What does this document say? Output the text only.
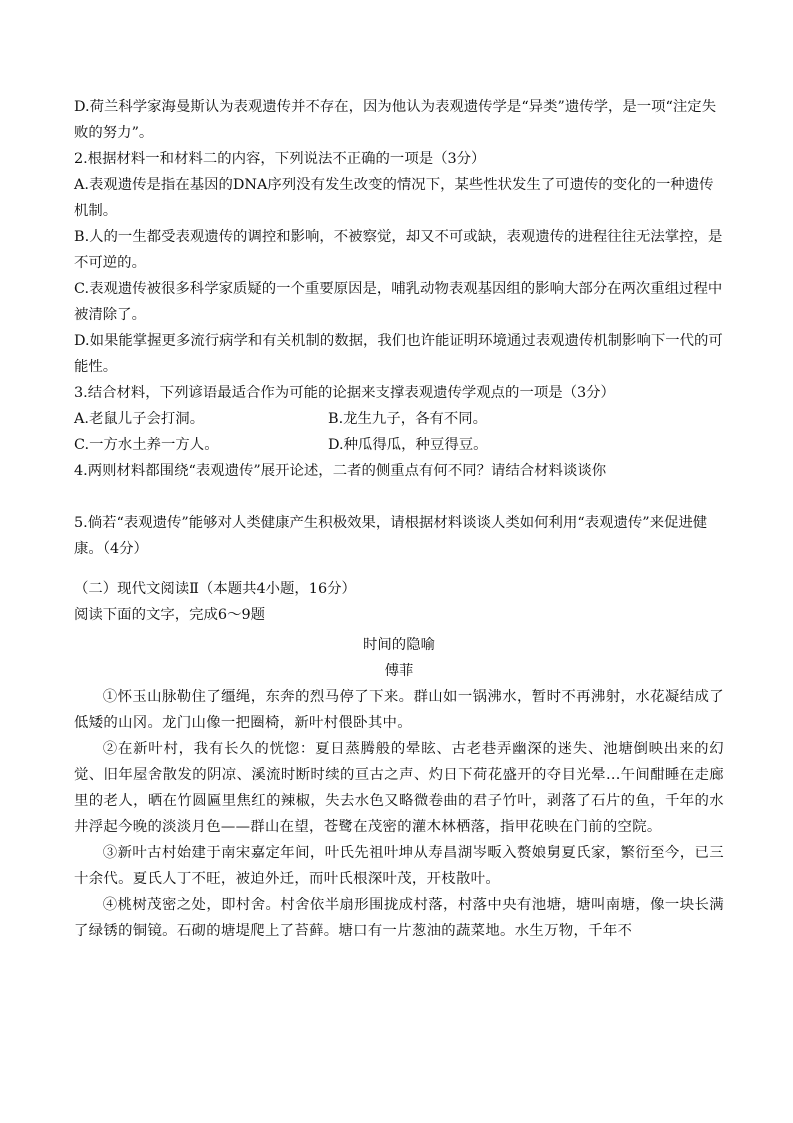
D.荷兰科学家海曼斯认为表观遗传并不存在，因为他认为表观遗传学是“异类”遗传学，是一项“注定失败的努力”。

2.根据材料一和材料二的内容，下列说法不正确的一项是（3分）

A.表观遗传是指在基因的DNA序列没有发生改变的情况下，某些性状发生了可遗传的变化的一种遗传机制。

B.人的一生都受表观遗传的调控和影响，不被察觉，却又不可或缺，表观遗传的进程往往无法掌控，是不可逆的。

C.表观遗传被很多科学家质疑的一个重要原因是，哺乳动物表观基因组的影响大部分在两次重组过程中被清除了。

D.如果能掌握更多流行病学和有关机制的数据，我们也许能证明环境通过表观遗传机制影响下一代的可能性。

3.结合材料，下列谚语最适合作为可能的论据来支撑表观遗传学观点的一项是（3分）

A.老鼠儿子会打洞。	B.龙生九子，各有不同。
C.一方水土养一方人。	D.种瓜得瓜，种豆得豆。

4.两则材料都围绕“表观遗传”展开论述，二者的侧重点有何不同？请结合材料谈谈你

5.倘若“表观遗传”能够对人类健康产生积极效果，请根据材料谈谈人类如何利用“表观遗传”来促进健康。（4分）

（二）现代文阅读Ⅱ（本题共4小题，16分）

阅读下面的文字，完成6～9题

时间的隐喻

傅菲

①怀玉山脉勒住了缰绳，东奔的烈马停了下来。群山如一锅沸水，暂时不再沸射，水花凝结成了低矮的山冈。龙门山像一把圈椅，新叶村偎卧其中。

②在新叶村，我有长久的恍惚：夏日蒸腾般的晕眩、古老巷弄幽深的迷失、池塘倒映出来的幻觉、旧年屋舍散发的阴凉、溪流时断时续的亘古之声、灼日下荷花盛开的夺目光晕...午间酣睡在走廊里的老人，晒在竹圆匾里焦红的辣椒，失去水色又略微卷曲的君子竹叶，剥落了石片的鱼，千年的水井浮起今晚的淡淡月色——群山在望，苍鹭在茂密的灌木林栖落，指甲花映在门前的空院。

③新叶古村始建于南宋嘉定年间，叶氏先祖叶坤从寿昌湖岑畈入赘娘舅夏氏家，繁衍至今，已三十余代。夏氏人丁不旺，被迫外迁，而叶氏根深叶茂，开枝散叶。

④桃树茂密之处，即村舍。村舍依半扇形围拢成村落，村落中央有池塘，塘叫南塘，像一块长满了绿锈的铜镜。石砌的塘堤爬上了苔藓。塘口有一片葱油的蔬菜地。水生万物，千年不
